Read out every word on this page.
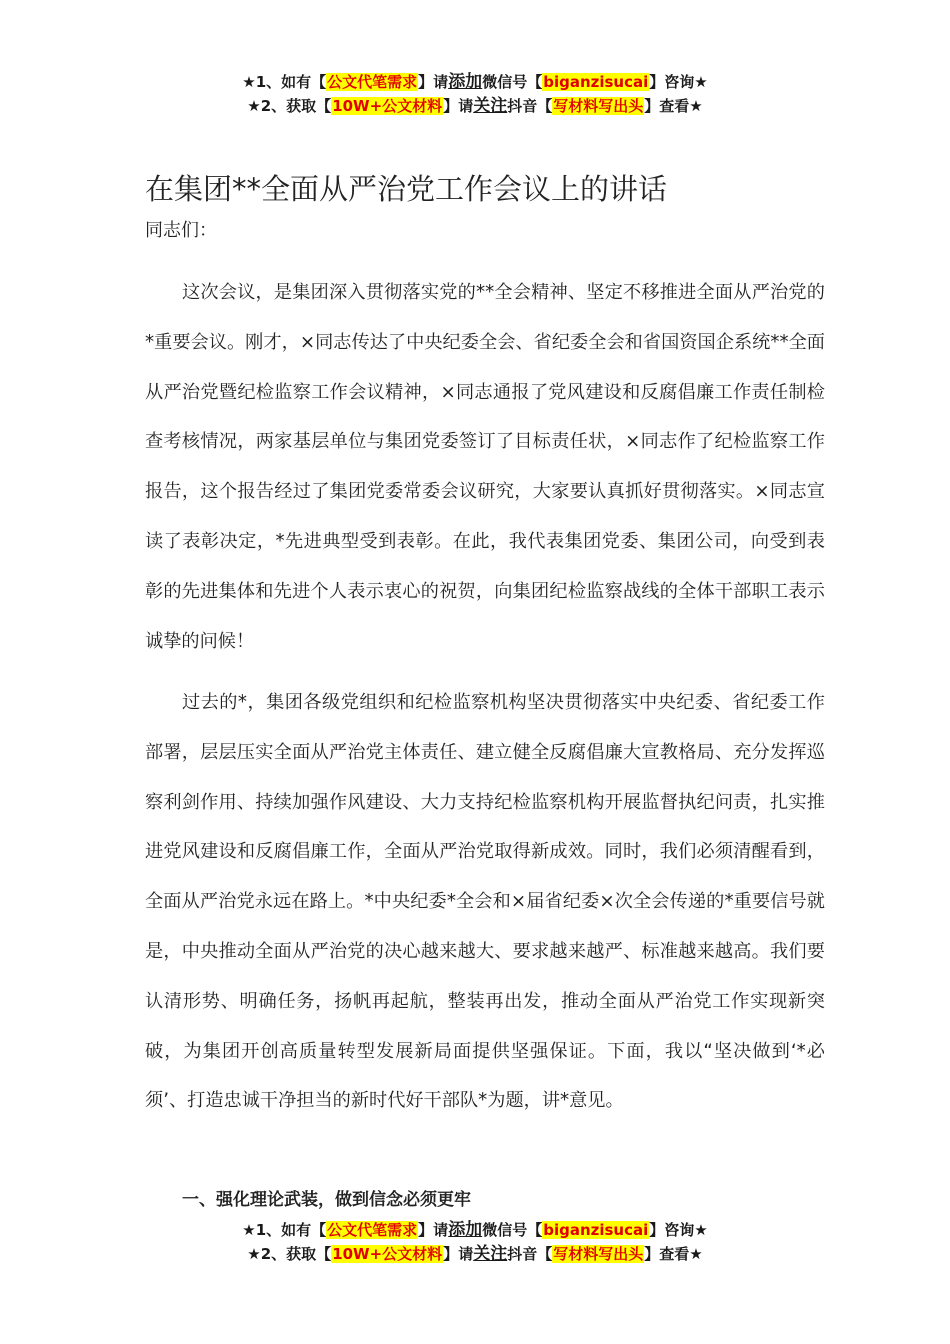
★1、如有【公文代笔需求】请添加微信号【biganzisucai】咨询★
★2、获取【10W+公文材料】请关注抖音【写材料写出头】查看★
在集团**全面从严治党工作会议上的讲话
同志们：

这次会议，是集团深入贯彻落实党的**全会精神、坚定不移推进全面从严治党的*重要会议。刚才，×同志传达了中央纪委全会、省纪委全会和省国资国企系统**全面从严治党暨纪检监察工作会议精神，×同志通报了党风建设和反腐倡廉工作责任制检查考核情况，两家基层单位与集团党委签订了目标责任状，×同志作了纪检监察工作报告，这个报告经过了集团党委常委会议研究，大家要认真抓好贯彻落实。×同志宣读了表彰决定，*先进典型受到表彰。在此，我代表集团党委、集团公司，向受到表彰的先进集体和先进个人表示衷心的祝贺，向集团纪检监察战线的全体干部职工表示诚挚的问候！

过去的*，集团各级党组织和纪检监察机构坚决贯彻落实中央纪委、省纪委工作部署，层层压实全面从严治党主体责任、建立健全反腐倡廉大宣教格局、充分发挥巡察利剑作用、持续加强作风建设、大力支持纪检监察机构开展监督执纪问责，扎实推进党风建设和反腐倡廉工作，全面从严治党取得新成效。同时，我们必须清醒看到，全面从严治党永远在路上。*中央纪委*全会和×届省纪委×次全会传递的*重要信号就是，中央推动全面从严治党的决心越来越大、要求越来越严、标准越来越高。我们要认清形势、明确任务，扬帆再起航，整装再出发，推动全面从严治党工作实现新突破，为集团开创高质量转型发展新局面提供坚强保证。下面，我以“坚决做到‘*必须’、打造忠诚干净担当的新时代好干部队*为题，讲*意见。

一、强化理论武装，做到信念必须更牢
★1、如有【公文代笔需求】请添加微信号【biganzisucai】咨询★
★2、获取【10W+公文材料】请关注抖音【写材料写出头】查看★
